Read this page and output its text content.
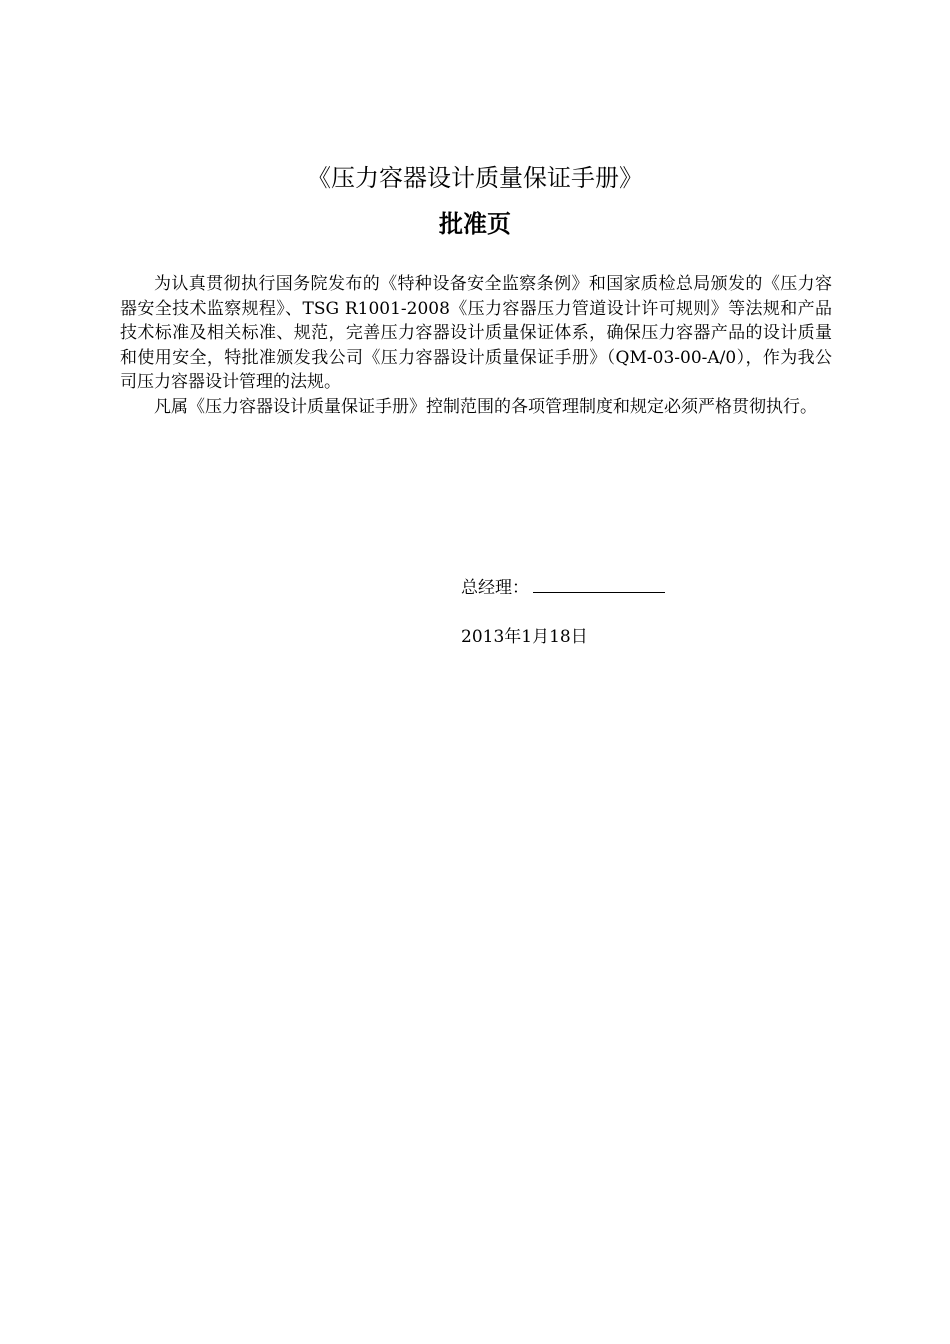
《压力容器设计质量保证手册》
批准页

为认真贯彻执行国务院发布的《特种设备安全监察条例》和国家质检总局颁发的《压力容器安全技术监察规程》、TSG R1001-2008《压力容器压力管道设计许可规则》等法规和产品技术标准及相关标准、规范，完善压力容器设计质量保证体系，确保压力容器产品的设计质量和使用安全，特批准颁发我公司《压力容器设计质量保证手册》（QM-03-00-A/0），作为我公司压力容器设计管理的法规。

凡属《压力容器设计质量保证手册》控制范围的各项管理制度和规定必须严格贯彻执行。

总经理：
2013年1月18日
